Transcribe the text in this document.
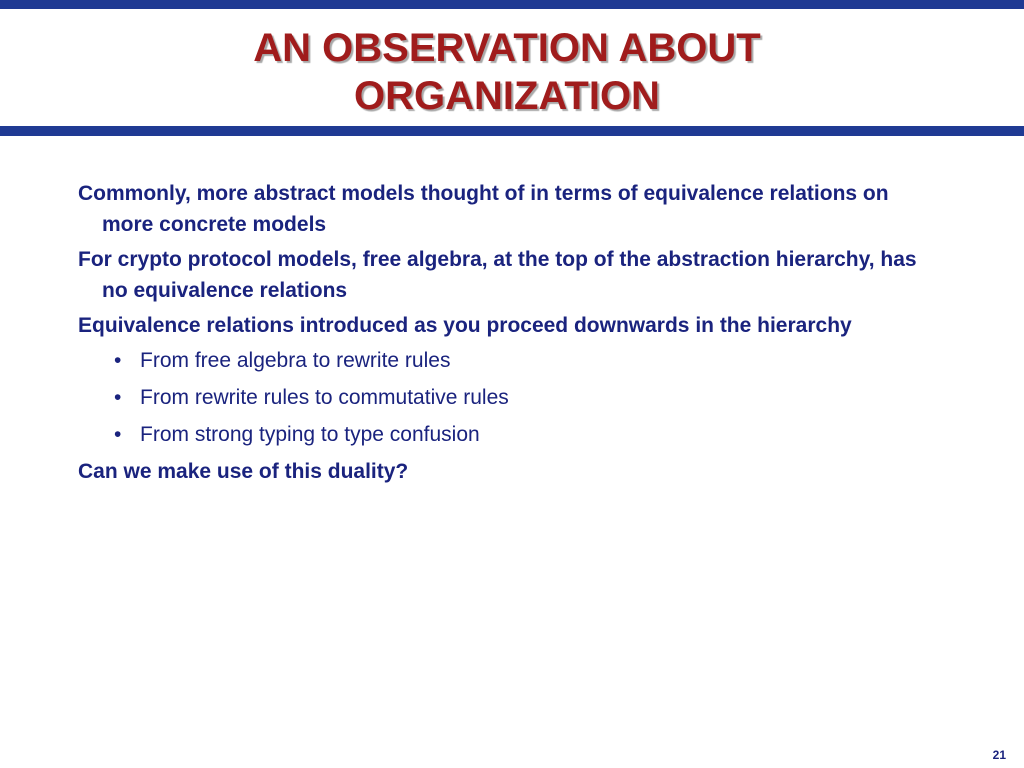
AN OBSERVATION ABOUT
ORGANIZATION

Commonly, more abstract models thought of in terms of equivalence relations on more concrete models

For crypto protocol models, free algebra, at the top of the abstraction hierarchy, has no equivalence relations

Equivalence relations introduced as you proceed downwards in the hierarchy

• From free algebra to rewrite rules
• From rewrite rules to commutative rules
• From strong typing to type confusion

Can we make use of this duality?

21
